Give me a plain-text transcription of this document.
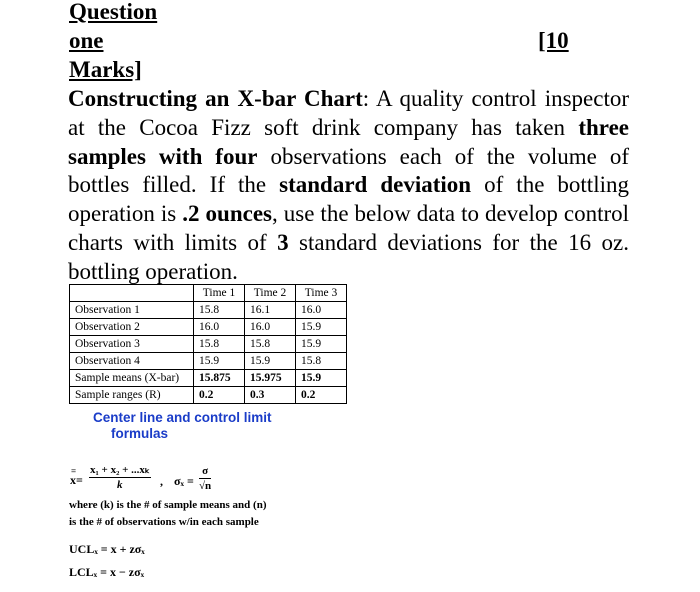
Question
one	[10
Marks]
Constructing an X-bar Chart: A quality control inspector at the Cocoa Fizz soft drink company has taken three samples with four observations each of the volume of bottles filled. If the standard deviation of the bottling operation is .2 ounces, use the below data to develop control charts with limits of 3 standard deviations for the 16 oz. bottling operation.
	Time 1	Time 2	Time 3
Observation 1	15.8	16.1	16.0
Observation 2	16.0	16.0	15.9
Observation 3	15.8	15.8	15.9
Observation 4	15.9	15.9	15.8
Sample means (X-bar)	15.875	15.975	15.9
Sample ranges (R)	0.2	0.3	0.2
Center line and control limit
formulas
=
$x= \frac{\text{x₁ + x₂ + ...xₖ}}{k}$ , $\sigma_x = \frac{\sigma}{√n}$
where (k) is the # of sample means and (n)
is the # of observations w/in each sample
UCLₓ = x + zσₓ
LCLₓ = x − zσₓ
